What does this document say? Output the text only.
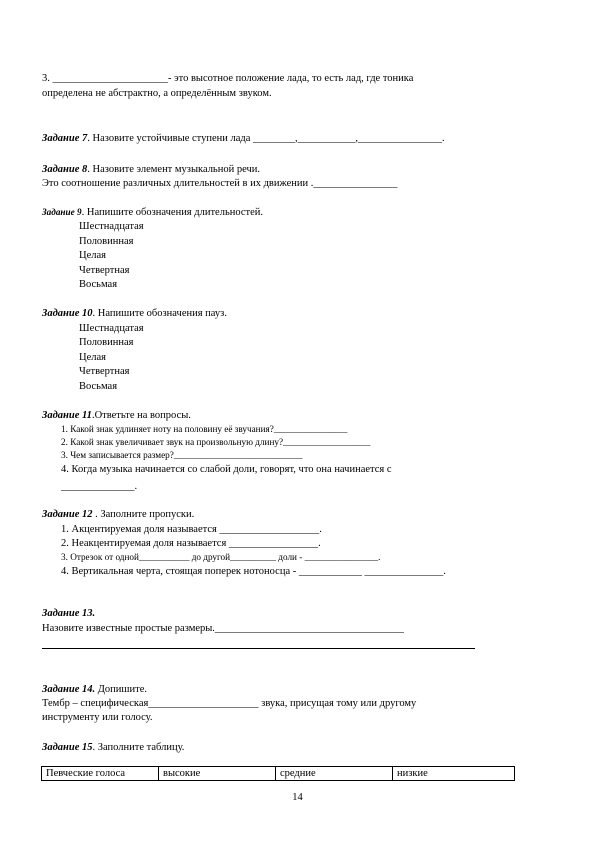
3. ______________________- это высотное положение лада, то есть лад, где тоника
определена не абстрактно, а определённым звуком.
Задание 7. Назовите устойчивые ступени лада ________,___________,________________.
Задание 8. Назовите элемент музыкальной речи.
Это соотношение различных длительностей в их движении .________________
Задание 9. Напишите обозначения длительностей.
Шестнадцатая
Половинная
Целая
Четвертная
Восьмая
Задание 10. Напишите обозначения пауз.
Шестнадцатая
Половинная
Целая
Четвертная
Восьмая
Задание 11.Ответьте на вопросы.
1. Какой знак удлиняет ноту на половину её звучания?________________
2. Какой знак увеличивает звук на произвольную длину?___________________
3. Чем записывается размер?____________________________
4. Когда музыка начинается со слабой доли, говорят, что она начинается с
______________.
Задание 12 . Заполните пропуски.
1. Акцентируемая доля называется ___________________.
2. Неакцентируемая доля называется _________________.
3. Отрезок от одной___________ до другой__________ доли - ________________.
4. Вертикальная черта, стоящая поперек нотоносца - ____________ _______________.
Задание 13.
Назовите известные простые размеры.____________________________________
Задание 14. Допишите.
Тембр – специфическая_____________________ звука, присущая тому или другому
инструменту или голосу.
Задание 15. Заполните таблицу.
Певческие голоса	высокие	средние	низкие
14
